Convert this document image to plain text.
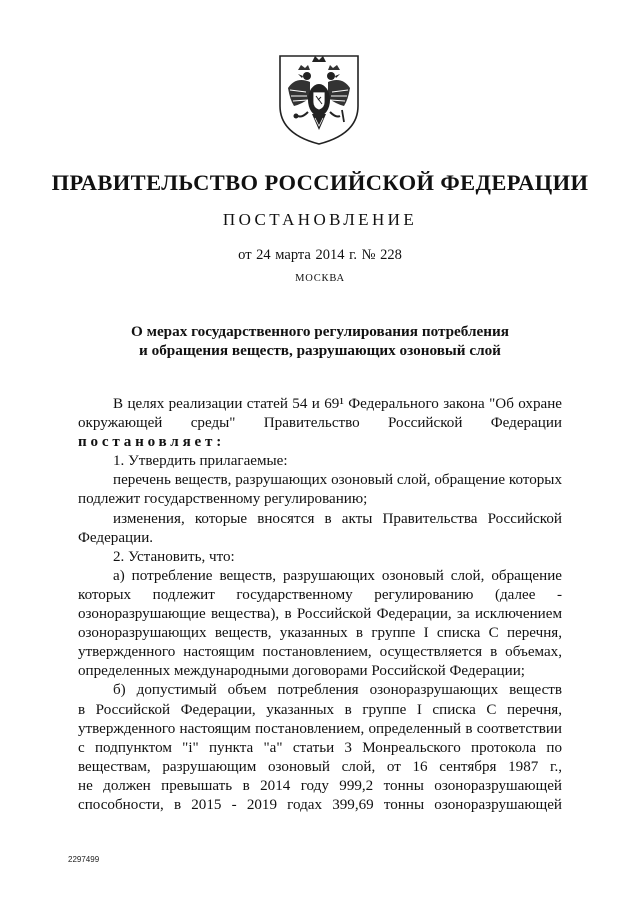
ПРАВИТЕЛЬСТВО РОССИЙСКОЙ ФЕДЕРАЦИИ
ПОСТАНОВЛЕНИЕ
от 24 марта 2014 г. № 228
МОСКВА
О мерах государственного регулирования потребления
и обращения веществ, разрушающих озоновый слой

В целях реализации статей 54 и 69¹ Федерального закона "Об охране

окружающей среды" Правительство Российской Федерации

постановляет:

1. Утвердить прилагаемые:

перечень веществ, разрушающих озоновый слой, обращение которых

подлежит государственному регулированию;

изменения, которые вносятся в акты Правительства Российской

Федерации.

2. Установить, что:

а) потребление веществ, разрушающих озоновый слой, обращение

которых подлежит государственному регулированию (далее -

озоноразрушающие вещества), в Российской Федерации, за исключением

озоноразрушающих веществ, указанных в группе I списка С перечня,

утвержденного настоящим постановлением, осуществляется в объемах,

определенных международными договорами Российской Федерации;

б) допустимый объем потребления озоноразрушающих веществ

в Российской Федерации, указанных в группе I списка С перечня,

утвержденного настоящим постановлением, определенный в соответствии

с подпунктом "i" пункта "а" статьи 3 Монреальского протокола по

веществам, разрушающим озоновый слой, от 16 сентября 1987 г.,

не должен превышать в 2014 году 999,2 тонны озоноразрушающей

способности, в 2015 - 2019 годах 399,69 тонны озоноразрушающей

2297499
